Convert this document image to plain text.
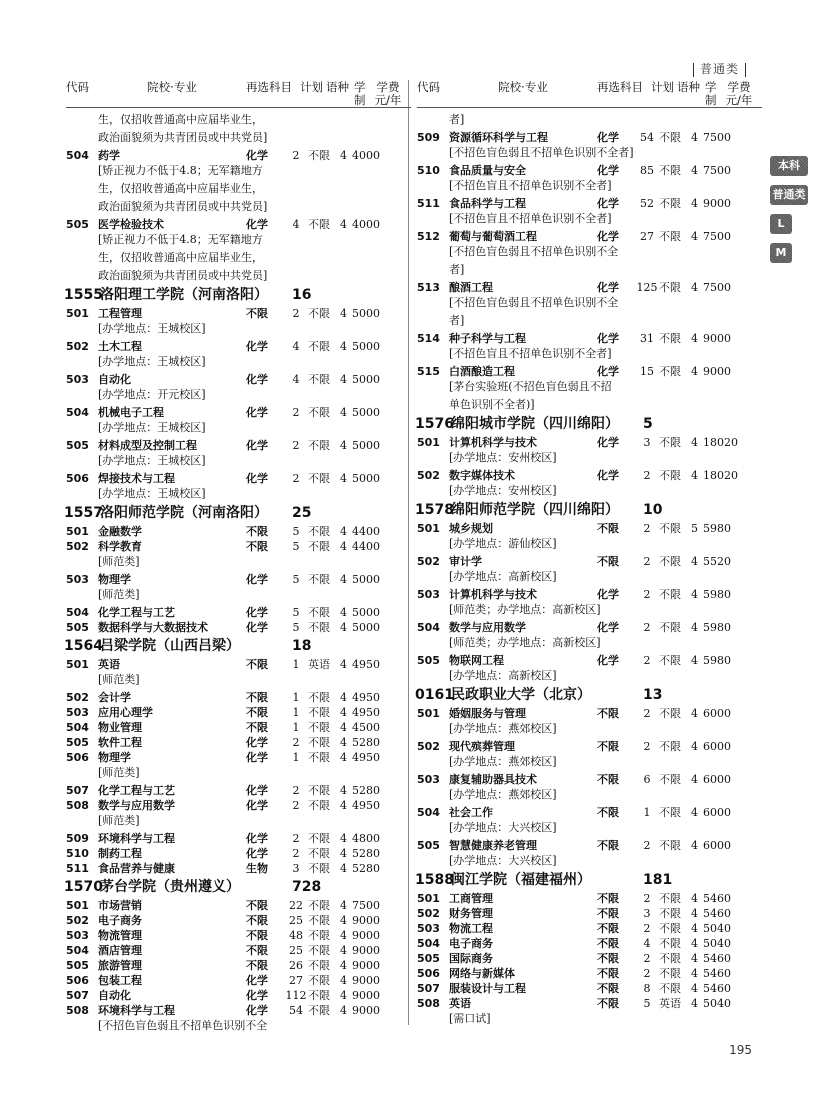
普通类
代码	院校·专业	再选科目 计划 语种 学
制
学费
元/年
生，仅招收普通高中应届毕业生，
政治面貌须为共青团员或中共党员]
504 药学	化学	2 不限 4 4000
[矫正视力不低于4.8；无军籍地方
生，仅招收普通高中应届毕业生，
政治面貌须为共青团员或中共党员]
505 医学检验技术	化学	4 不限 4 4000
[矫正视力不低于4.8；无军籍地方
生，仅招收普通高中应届毕业生，
政治面貌须为共青团员或中共党员]
1555
洛阳理工学院（河南洛阳）	16
501 工程管理	不限	2 不限 4 5000
[办学地点：王城校区]
502 土木工程	化学	4 不限 4 5000
[办学地点：王城校区]
503 自动化	化学	4 不限 4 5000
[办学地点：开元校区]
504 机械电子工程	化学	2 不限 4 5000
[办学地点：王城校区]
505 材料成型及控制工程	化学	2 不限 4 5000
[办学地点：王城校区]
506 焊接技术与工程	化学	2 不限 4 5000
[办学地点：王城校区]
1557
洛阳师范学院（河南洛阳）	25
501 金融数学	不限	5 不限 4 4400
502 科学教育	不限	5 不限 4 4400
[师范类]
503 物理学	化学	5 不限 4 5000
[师范类]
504 化学工程与工艺	化学	5 不限 4 5000
505 数据科学与大数据技术	化学	5 不限 4 5000
1564
吕梁学院（山西吕梁）	18
501 英语	不限	1 英语 4 4950
[师范类]
502 会计学	不限	1 不限 4 4950
503 应用心理学	不限	1 不限 4 4950
504 物业管理	不限	1 不限 4 4500
505 软件工程	化学	2 不限 4 5280
506 物理学	化学	1 不限 4 4950
[师范类]
507 化学工程与工艺	化学	2 不限 4 5280
508 数学与应用数学	化学	2 不限 4 4950
[师范类]
509 环境科学与工程	化学	2 不限 4 4800
510 制药工程	化学	2 不限 4 5280
511 食品营养与健康	生物	3 不限 4 5280
1570
茅台学院（贵州遵义）	728
501 市场营销	不限	22 不限 4 7500
502 电子商务	不限	25 不限 4 9000
503 物流管理	不限	48 不限 4 9000
504 酒店管理	不限	25 不限 4 9000
505 旅游管理	不限	26 不限 4 9000
506 包装工程	化学	27 不限 4 9000
507 自动化	化学	112 不限 4 9000
508 环境科学与工程	化学	54 不限 4 9000
[不招色盲色弱且不招单色识别不全
代码	院校·专业	再选科目 计划 语种 学
制
学费
元/年
者]
509 资源循环科学与工程	化学	54 不限 4 7500
[不招色盲色弱且不招单色识别不全者]
510 食品质量与安全	化学	85 不限 4 7500
[不招色盲且不招单色识别不全者]
511 食品科学与工程	化学	52 不限 4 9000
[不招色盲且不招单色识别不全者]
512 葡萄与葡萄酒工程	化学	27 不限 4 7500
[不招色盲色弱且不招单色识别不全
者]
513 酿酒工程	化学	125 不限 4 7500
[不招色盲色弱且不招单色识别不全
者]
514 种子科学与工程	化学	31 不限 4 9000
[不招色盲且不招单色识别不全者]
515 白酒酿造工程	化学	15 不限 4 9000
[茅台实验班(不招色盲色弱且不招
单色识别不全者)]
1576
绵阳城市学院（四川绵阳）	5
501 计算机科学与技术	化学	3 不限 4 18020
[办学地点：安州校区]
502 数字媒体技术	化学	2 不限 4 18020
[办学地点：安州校区]
1578
绵阳师范学院（四川绵阳）	10
501 城乡规划	不限	2 不限 5 5980
[办学地点：游仙校区]
502 审计学	不限	2 不限 4 5520
[办学地点：高新校区]
503 计算机科学与技术	化学	2 不限 4 5980
[师范类；办学地点：高新校区]
504 数学与应用数学	化学	2 不限 4 5980
[师范类；办学地点：高新校区]
505 物联网工程	化学	2 不限 4 5980
[办学地点：高新校区]
0161
民政职业大学（北京）	13
501 婚姻服务与管理	不限	2 不限 4 6000
[办学地点：燕郊校区]
502 现代殡葬管理	不限	2 不限 4 6000
[办学地点：燕郊校区]
503 康复辅助器具技术	不限	6 不限 4 6000
[办学地点：燕郊校区]
504 社会工作	不限	1 不限 4 6000
[办学地点：大兴校区]
505 智慧健康养老管理	不限	2 不限 4 6000
[办学地点：大兴校区]
1588
闽江学院（福建福州）	181
501 工商管理	不限	2 不限 4 5460
502 财务管理	不限	3 不限 4 5460
503 物流工程	不限	2 不限 4 5040
504 电子商务	不限	4 不限 4 5040
505 国际商务	不限	2 不限 4 5460
506 网络与新媒体	不限	2 不限 4 5460
507 服装设计与工程	不限	8 不限 4 5460
508 英语	不限	5 英语 4 5040
[需口试]
本科
普通类
L
M
195
